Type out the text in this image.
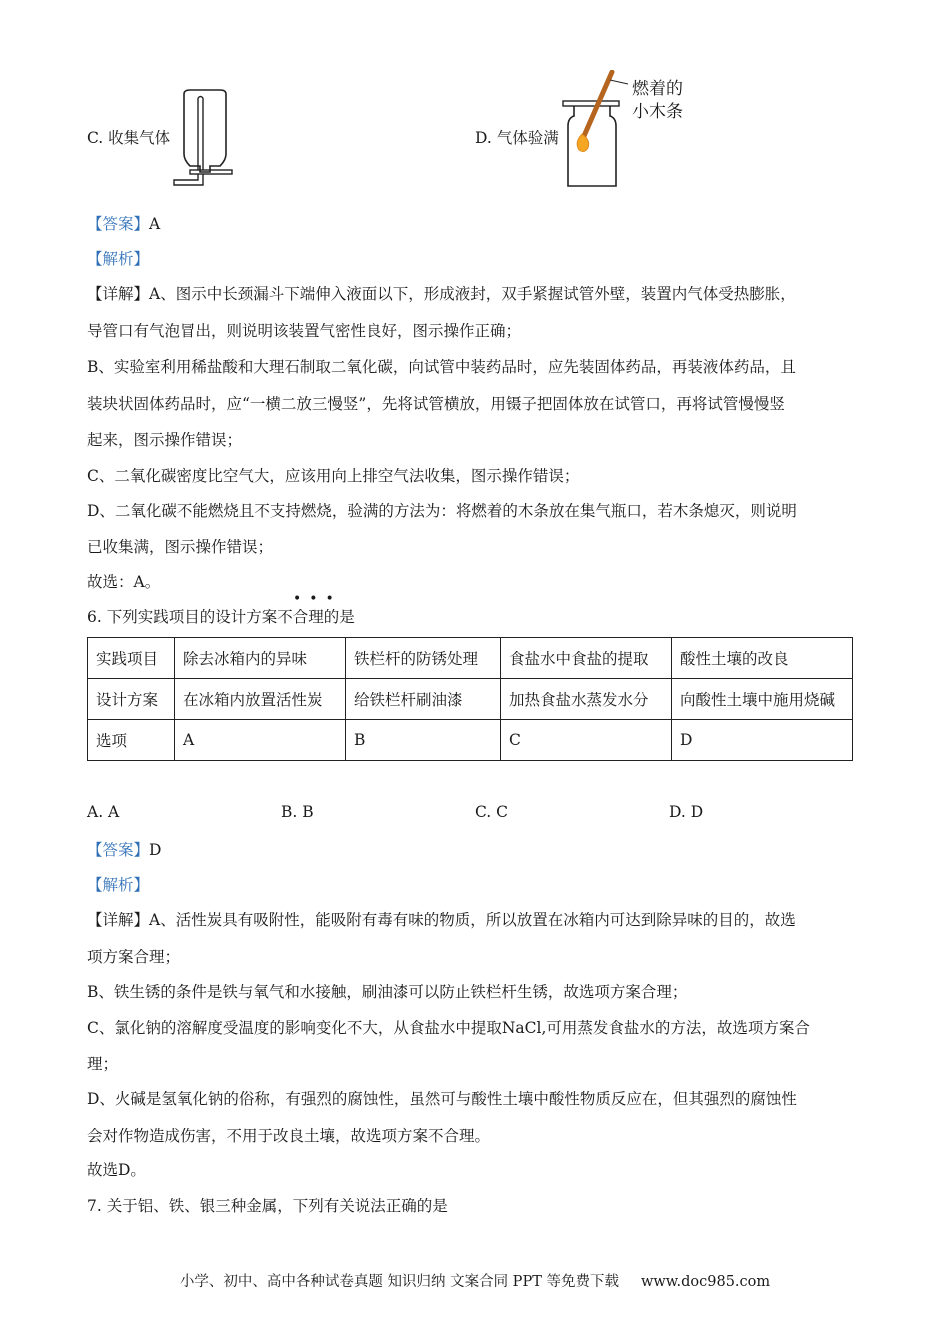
C. 收集气体	D. 气体验满
燃着的
小木条
【答案】A
【解析】
【详解】A、图示中长颈漏斗下端伸入液面以下，形成液封，双手紧握试管外壁，装置内气体受热膨胀，
导管口有气泡冒出，则说明该装置气密性良好，图示操作正确；
B、实验室利用稀盐酸和大理石制取二氧化碳，向试管中装药品时，应先装固体药品，再装液体药品，且
装块状固体药品时，应“一横二放三慢竖”，先将试管横放，用镊子把固体放在试管口，再将试管慢慢竖
起来，图示操作错误；
C、二氧化碳密度比空气大，应该用向上排空气法收集，图示操作错误；
D、二氧化碳不能燃烧且不支持燃烧，验满的方法为：将燃着的木条放在集气瓶口，若木条熄灭，则说明
已收集满，图示操作错误；
故选：A。
•••
6. 下列实践项目的设计方案不合理的是
实践项目	除去冰箱内的异味	铁栏杆的防锈处理	食盐水中食盐的提取	酸性土壤的改良
设计方案	在冰箱内放置活性炭	给铁栏杆刷油漆	加热食盐水蒸发水分	向酸性土壤中施用烧碱
选项	A	B	C	D
A. A	B. B	C. C	D. D
【答案】D
【解析】
【详解】A、活性炭具有吸附性，能吸附有毒有味的物质，所以放置在冰箱内可达到除异味的目的，故选
项方案合理；
B、铁生锈的条件是铁与氧气和水接触，刷油漆可以防止铁栏杆生锈，故选项方案合理；
C、氯化钠的溶解度受温度的影响变化不大，从食盐水中提取NaCl,可用蒸发食盐水的方法，故选项方案合
理；
D、火碱是氢氧化钠的俗称，有强烈的腐蚀性，虽然可与酸性土壤中酸性物质反应在，但其强烈的腐蚀性
会对作物造成伤害，不用于改良土壤，故选项方案不合理。
故选D。
7. 关于铝、铁、银三种金属，下列有关说法正确的是
小学、初中、高中各种试卷真题 知识归纳 文案合同 PPT 等免费下载 www.doc985.com
